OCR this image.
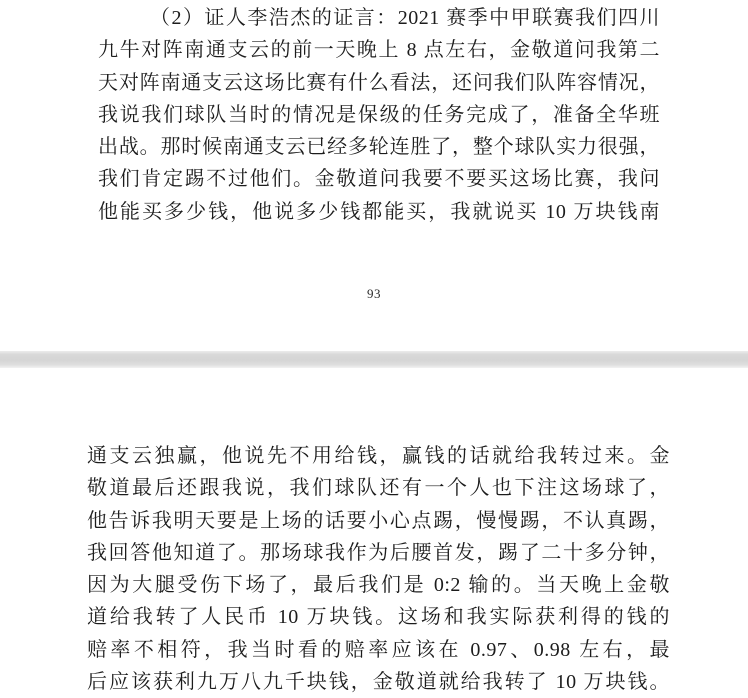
（2）证人李浩杰的证言：2021 赛季中甲联赛我们四川
九牛对阵南通支云的前一天晚上 8 点左右，金敬道问我第二
天对阵南通支云这场比赛有什么看法，还问我们队阵容情况，
我说我们球队当时的情况是保级的任务完成了，准备全华班
出战。那时候南通支云已经多轮连胜了，整个球队实力很强，
我们肯定踢不过他们。金敬道问我要不要买这场比赛，我问
他能买多少钱，他说多少钱都能买，我就说买 10 万块钱南
93
通支云独赢，他说先不用给钱，赢钱的话就给我转过来。金
敬道最后还跟我说，我们球队还有一个人也下注这场球了，
他告诉我明天要是上场的话要小心点踢，慢慢踢，不认真踢，
我回答他知道了。那场球我作为后腰首发，踢了二十多分钟，
因为大腿受伤下场了，最后我们是 0:2 输的。当天晚上金敬
道给我转了人民币 10 万块钱。这场和我实际获利得的钱的
赔率不相符，我当时看的赔率应该在 0.97、0.98 左右，最
后应该获利九万八九千块钱，金敬道就给我转了 10 万块钱。
